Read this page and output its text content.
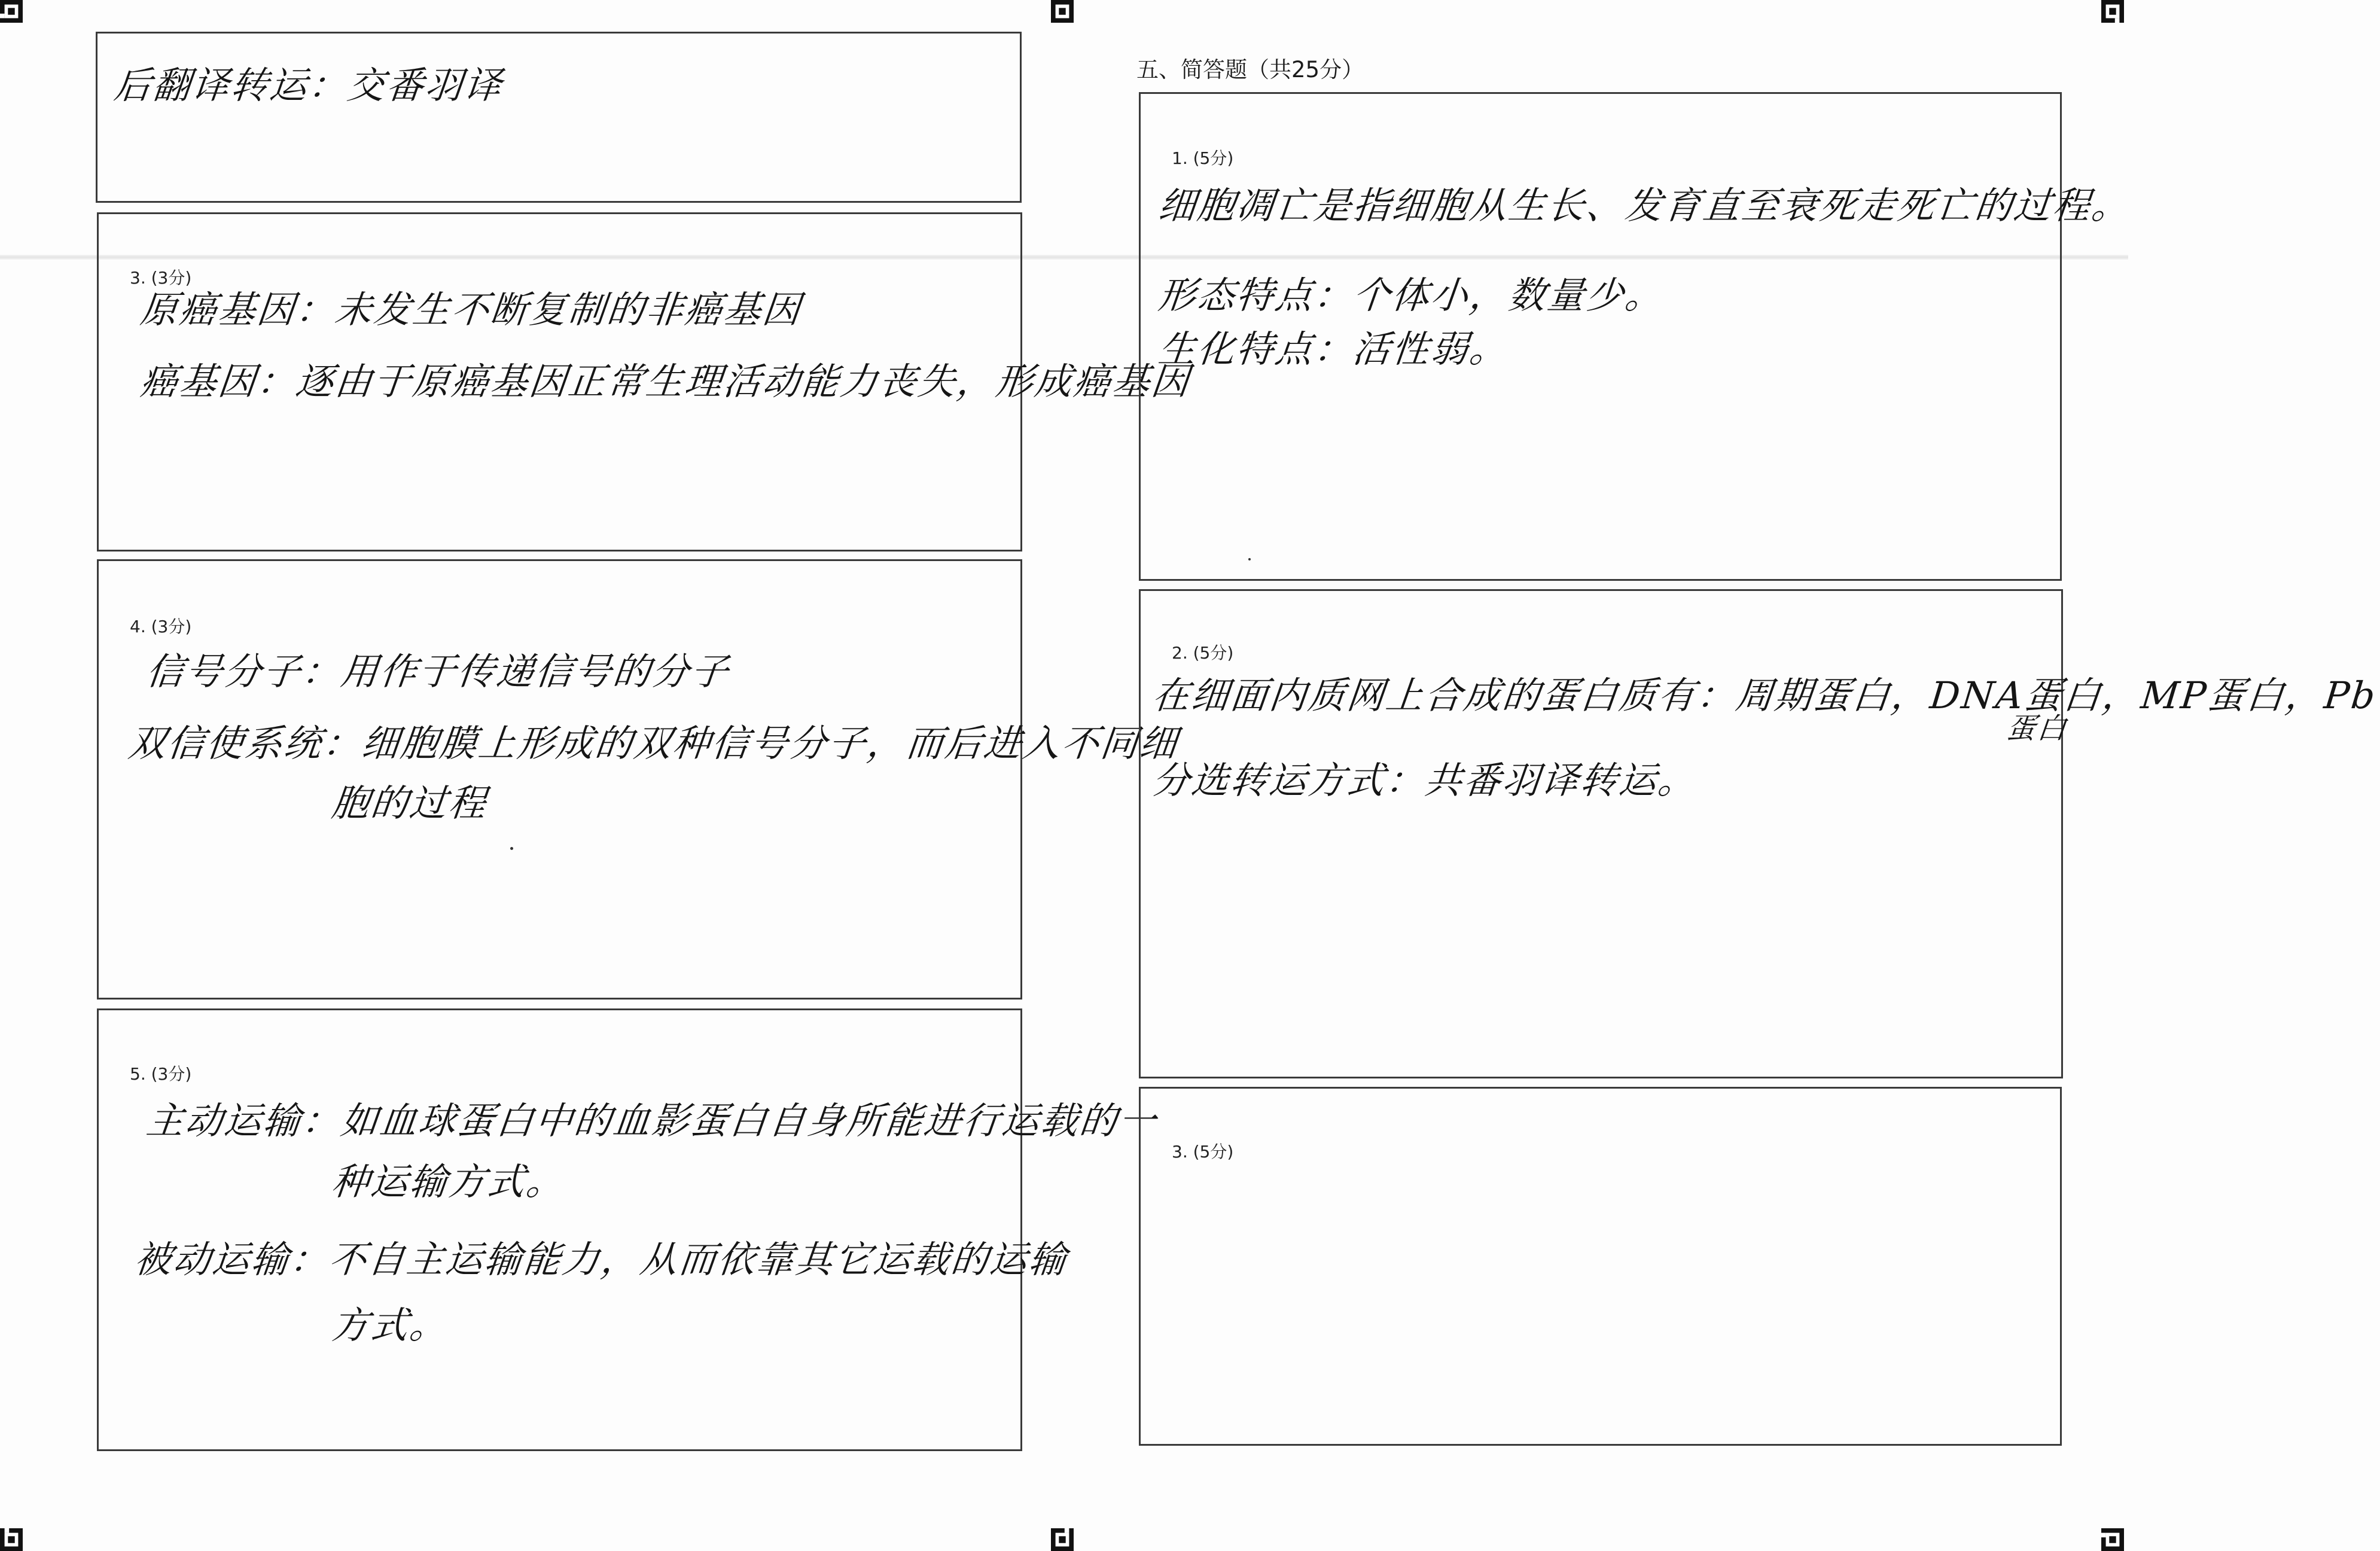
后翻译转运：交番羽译
3. (3分)
原癌基因：未发生不断复制的非癌基因
癌基因：逐由于原癌基因正常生理活动能力丧失，形成癌基因
4. (3分)
信号分子：用作于传递信号的分子
双信使系统：细胞膜上形成的双种信号分子，而后进入不同细
胞的过程
5. (3分)
主动运输：如血球蛋白中的血影蛋白自身所能进行运载的一
种运输方式。
被动运输：不自主运输能力，从而依靠其它运载的运输
方式。
五、简答题（共25分）
1. (5分)
细胞凋亡是指细胞从生长、发育直至衰死走死亡的过程。
形态特点：个体小，数量少。
生化特点：活性弱。
2. (5分)
在细面内质网上合成的蛋白质有：周期蛋白，DNA蛋白，MP蛋白，Pb
蛋白
分选转运方式：共番羽译转运。
3. (5分)
